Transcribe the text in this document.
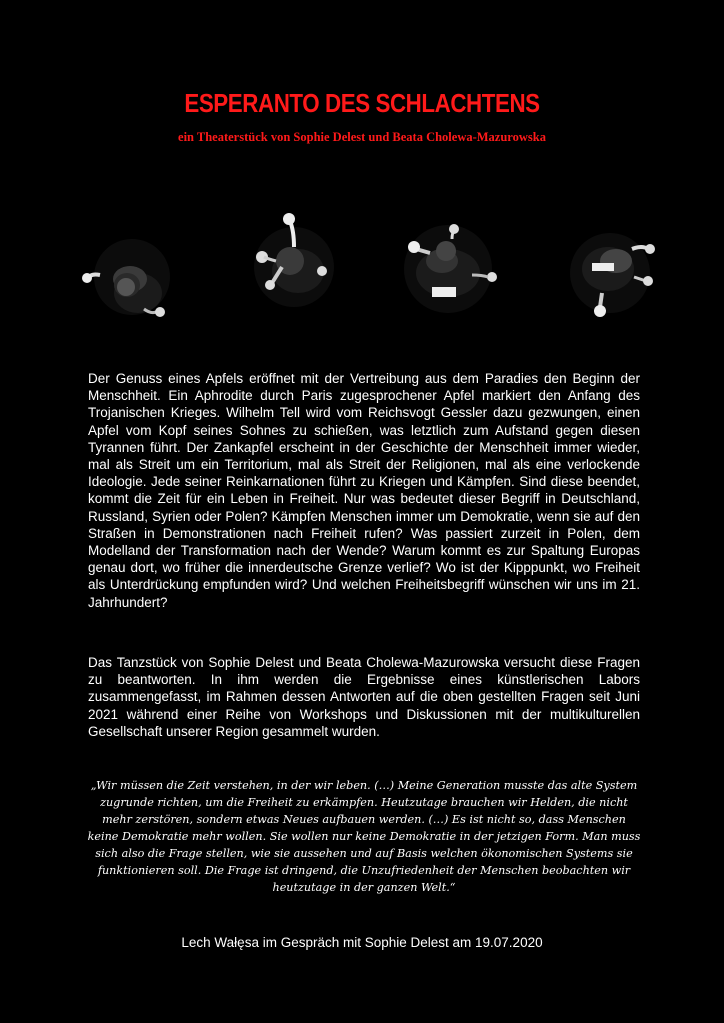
ESPERANTO DES SCHLACHTENS
ein Theaterstück von Sophie Delest und Beata Cholewa-Mazurowska

Der Genuss eines Apfels eröffnet mit der Vertreibung aus dem Paradies den Beginn der Menschheit. Ein Aphrodite durch Paris zugesprochener Apfel markiert den Anfang des Trojanischen Krieges. Wilhelm Tell wird vom Reichsvogt Gessler dazu gezwungen, einen Apfel vom Kopf seines Sohnes zu schießen, was letztlich zum Aufstand gegen diesen Tyrannen führt. Der Zankapfel erscheint in der Geschichte der Menschheit immer wieder, mal als Streit um ein Territorium, mal als Streit der Religionen, mal als eine verlockende Ideologie. Jede seiner Reinkarnationen führt zu Kriegen und Kämpfen. Sind diese beendet, kommt die Zeit für ein Leben in Freiheit. Nur was bedeutet dieser Begriff in Deutschland, Russland, Syrien oder Polen? Kämpfen Menschen immer um Demokratie, wenn sie auf den Straßen in Demonstrationen nach Freiheit rufen? Was passiert zurzeit in Polen, dem Modelland der Transformation nach der Wende? Warum kommt es zur Spaltung Europas genau dort, wo früher die innerdeutsche Grenze verlief? Wo ist der Kipppunkt, wo Freiheit als Unterdrückung empfunden wird? Und welchen Freiheitsbegriff wünschen wir uns im 21. Jahrhundert?

Das Tanzstück von Sophie Delest und Beata Cholewa-Mazurowska versucht diese Fragen zu beantworten. In ihm werden die Ergebnisse eines künstlerischen Labors zusammengefasst, im Rahmen dessen Antworten auf die oben gestellten Fragen seit Juni 2021 während einer Reihe von Workshops und Diskussionen mit der multikulturellen Gesellschaft unserer Region gesammelt wurden.

„Wir müssen die Zeit verstehen, in der wir leben. (…) Meine Generation musste das alte System zugrunde richten, um die Freiheit zu erkämpfen. Heutzutage brauchen wir Helden, die nicht mehr zerstören, sondern etwas Neues aufbauen werden. (…) Es ist nicht so, dass Menschen keine Demokratie mehr wollen. Sie wollen nur keine Demokratie in der jetzigen Form. Man muss sich also die Frage stellen, wie sie aussehen und auf Basis welchen ökonomischen Systems sie funktionieren soll. Die Frage ist dringend, die Unzufriedenheit der Menschen beobachten wir heutzutage in der ganzen Welt.“

Lech Wałęsa im Gespräch mit Sophie Delest am 19.07.2020
